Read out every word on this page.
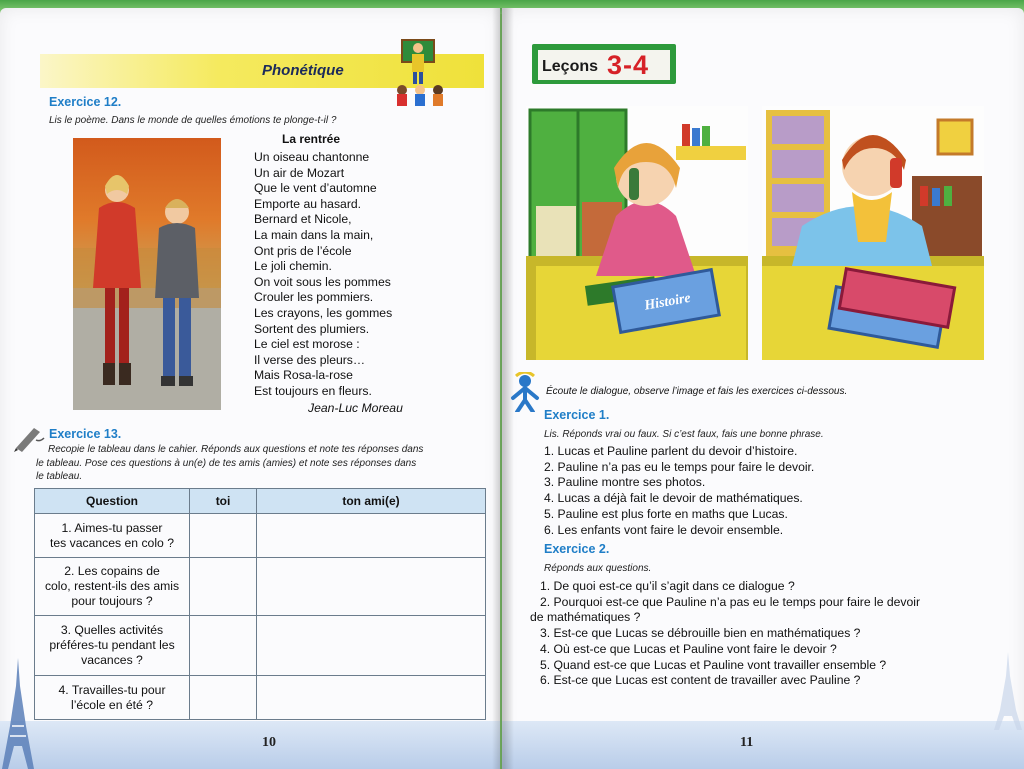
Phonétique
Exercice 12.
Lis le poème. Dans le monde de quelles émotions te plonge-t-il ?
La rentrée
Un oiseau chantonne
Un air de Mozart
Que le vent d’automne
Emporte au hasard.
Bernard et Nicole,
La main dans la main,
Ont pris de l’école
Le joli chemin.
On voit sous les pommes
Crouler les pommiers.
Les crayons, les gommes
Sortent des plumiers.
Le ciel est morose :
Il verse des pleurs…
Mais Rosa-la-rose
Est toujours en fleurs.
Jean-Luc Moreau
Exercice 13.
Recopie le tableau dans le cahier. Réponds aux questions et note tes réponses dans
le tableau. Pose ces questions à un(e) de tes amis (amies) et note ses réponses dans
le tableau.
Question	toi	ton ami(e)

1. Aimes-tu passer
tes vacances en colo ?		

2. Les copains de
colo, restent-ils des amis
pour toujours ?		

3. Quelles activités
préféres-tu pendant les
vacances ?		

4. Travailles-tu pour
l’école en été ?		

10
Leçons 3-4
Histoire
Écoute le dialogue, observe l’image et fais les exercices ci-dessous.
Exercice 1.
Lis. Réponds vrai ou faux. Si c’est faux, fais une bonne phrase.
1. Lucas et Pauline parlent du devoir d’histoire.
2. Pauline n’a pas eu le temps pour faire le devoir.
3. Pauline montre ses photos.
4. Lucas a déjà fait le devoir de mathématiques.
5. Pauline est plus forte en maths que Lucas.
6. Les enfants vont faire le devoir ensemble.
Exercice 2.
Réponds aux questions.
1. De quoi est-ce qu’il s’agit dans ce dialogue ?
2. Pourquoi est-ce que Pauline n’a pas eu le temps pour faire le devoir
de mathématiques ?
3. Est-ce que Lucas se débrouille bien en mathématiques ?
4. Où est-ce que Lucas et Pauline vont faire le devoir ?
5. Quand est-ce que Lucas et Pauline vont travailler ensemble ?
6. Est-ce que Lucas est content de travailler avec Pauline ?
11
